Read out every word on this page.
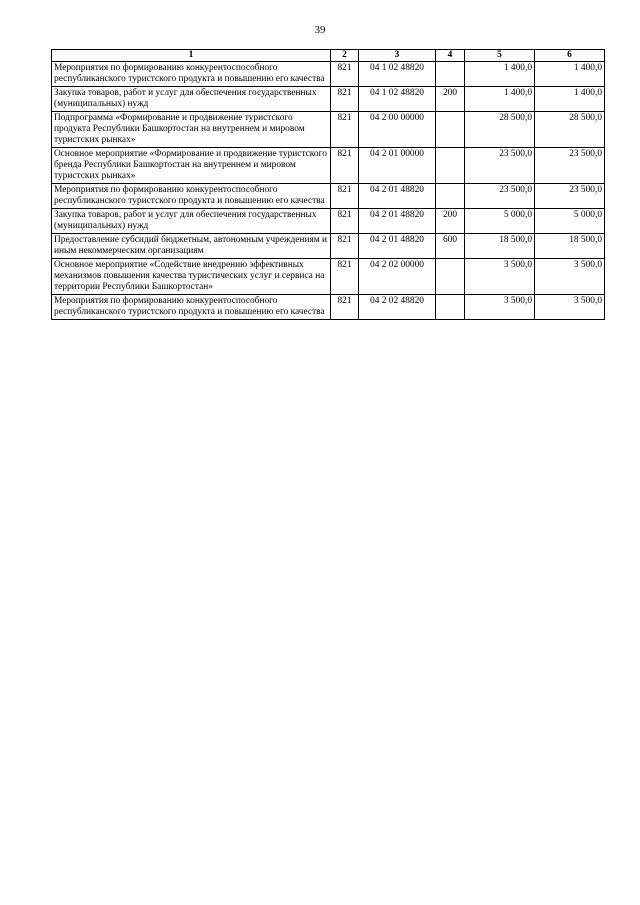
39
1	2	3	4	5	6
Мероприятия по формированию конкурентоспособного республиканского туристского продукта и повышению его качества	821	04 1 02 48820		1 400,0	1 400,0
Закупка товаров, работ и услуг для обеспечения государственных (муниципальных) нужд	821	04 1 02 48820	200	1 400,0	1 400,0
Подпрограмма «Формирование и продвижение туристского продукта Республики Башкортостан на внутреннем и мировом туристских рынках»	821	04 2 00 00000		28 500,0	28 500,0
Основное мероприятие «Формирование и продвижение туристского бренда Республики Башкортостан на внутреннем и мировом туристских рынках»	821	04 2 01 00000		23 500,0	23 500,0
Мероприятия по формированию конкурентоспособного республиканского туристского продукта и повышению его качества	821	04 2 01 48820		23 500,0	23 500,0
Закупка товаров, работ и услуг для обеспечения государственных (муниципальных) нужд	821	04 2 01 48820	200	5 000,0	5 000,0
Предоставление субсидий бюджетным, автономным учреждениям и иным некоммерческим организациям	821	04 2 01 48820	600	18 500,0	18 500,0
Основное мероприятие «Содействие внедрению эффективных механизмов повышения качества туристических услуг и сервиса на территории Республики Башкортостан»	821	04 2 02 00000		3 500,0	3 500,0
Мероприятия по формированию конкурентоспособного республиканского туристского продукта и повышению его качества	821	04 2 02 48820		3 500,0	3 500,0
